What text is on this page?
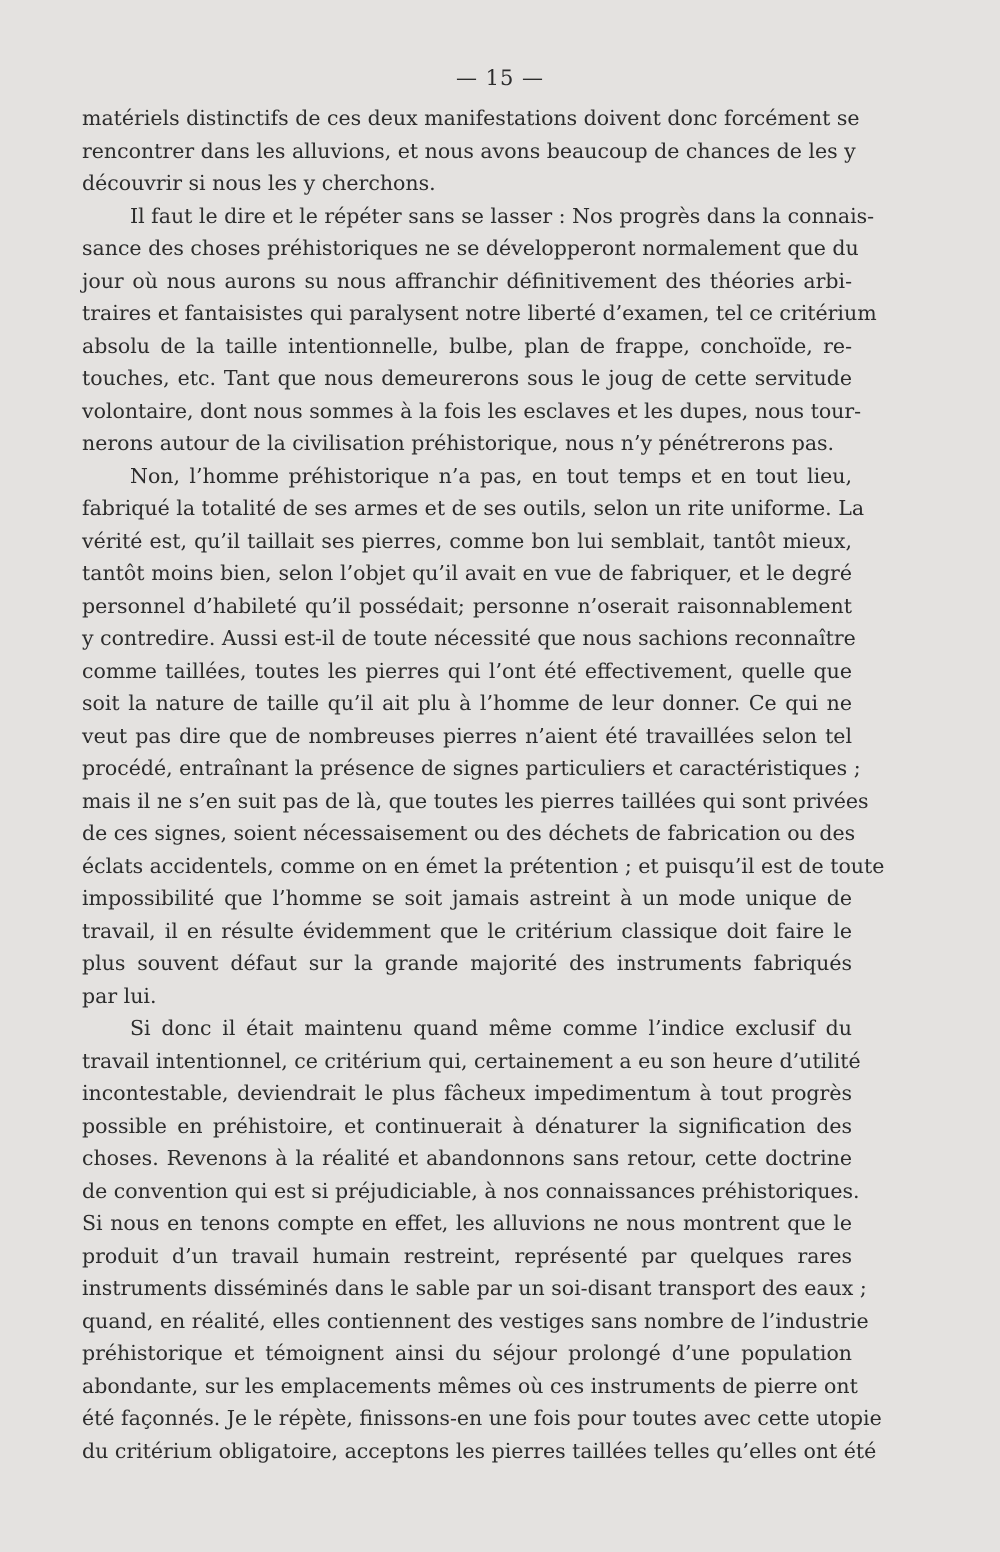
— 15 —

matériels distinctifs de ces deux manifestations doivent donc forcément se
rencontrer dans les alluvions, et nous avons beaucoup de chances de les y
découvrir si nous les y cherchons.

Il faut le dire et le répéter sans se lasser : Nos progrès dans la connais-
sance des choses préhistoriques ne se développeront normalement que du
jour où nous aurons su nous affranchir définitivement des théories arbi-
traires et fantaisistes qui paralysent notre liberté d’examen, tel ce critérium
absolu de la taille intentionnelle, bulbe, plan de frappe, conchoïde, re-
touches, etc. Tant que nous demeurerons sous le joug de cette servitude
volontaire, dont nous sommes à la fois les esclaves et les dupes, nous tour-
nerons autour de la civilisation préhistorique, nous n’y pénétrerons pas.

Non, l’homme préhistorique n’a pas, en tout temps et en tout lieu,
fabriqué la totalité de ses armes et de ses outils, selon un rite uniforme. La
vérité est, qu’il taillait ses pierres, comme bon lui semblait, tantôt mieux,
tantôt moins bien, selon l’objet qu’il avait en vue de fabriquer, et le degré
personnel d’habileté qu’il possédait; personne n’oserait raisonnablement
y contredire. Aussi est-il de toute nécessité que nous sachions reconnaître
comme taillées, toutes les pierres qui l’ont été effectivement, quelle que
soit la nature de taille qu’il ait plu à l’homme de leur donner. Ce qui ne
veut pas dire que de nombreuses pierres n’aient été travaillées selon tel
procédé, entraînant la présence de signes particuliers et caractéristiques ;
mais il ne s’en suit pas de là, que toutes les pierres taillées qui sont privées
de ces signes, soient nécessaisement ou des déchets de fabrication ou des
éclats accidentels, comme on en émet la prétention ; et puisqu’il est de toute
impossibilité que l’homme se soit jamais astreint à un mode unique de
travail, il en résulte évidemment que le critérium classique doit faire le
plus souvent défaut sur la grande majorité des instruments fabriqués
par lui.

Si donc il était maintenu quand même comme l’indice exclusif du
travail intentionnel, ce critérium qui, certainement a eu son heure d’utilité
incontestable, deviendrait le plus fâcheux impedimentum à tout progrès
possible en préhistoire, et continuerait à dénaturer la signification des
choses. Revenons à la réalité et abandonnons sans retour, cette doctrine
de convention qui est si préjudiciable, à nos connaissances préhistoriques.
Si nous en tenons compte en effet, les alluvions ne nous montrent que le
produit d’un travail humain restreint, représenté par quelques rares
instruments disséminés dans le sable par un soi-disant transport des eaux ;
quand, en réalité, elles contiennent des vestiges sans nombre de l’industrie
préhistorique et témoignent ainsi du séjour prolongé d’une population
abondante, sur les emplacements mêmes où ces instruments de pierre ont
été façonnés. Je le répète, finissons-en une fois pour toutes avec cette utopie
du critérium obligatoire, acceptons les pierres taillées telles qu’elles ont été
